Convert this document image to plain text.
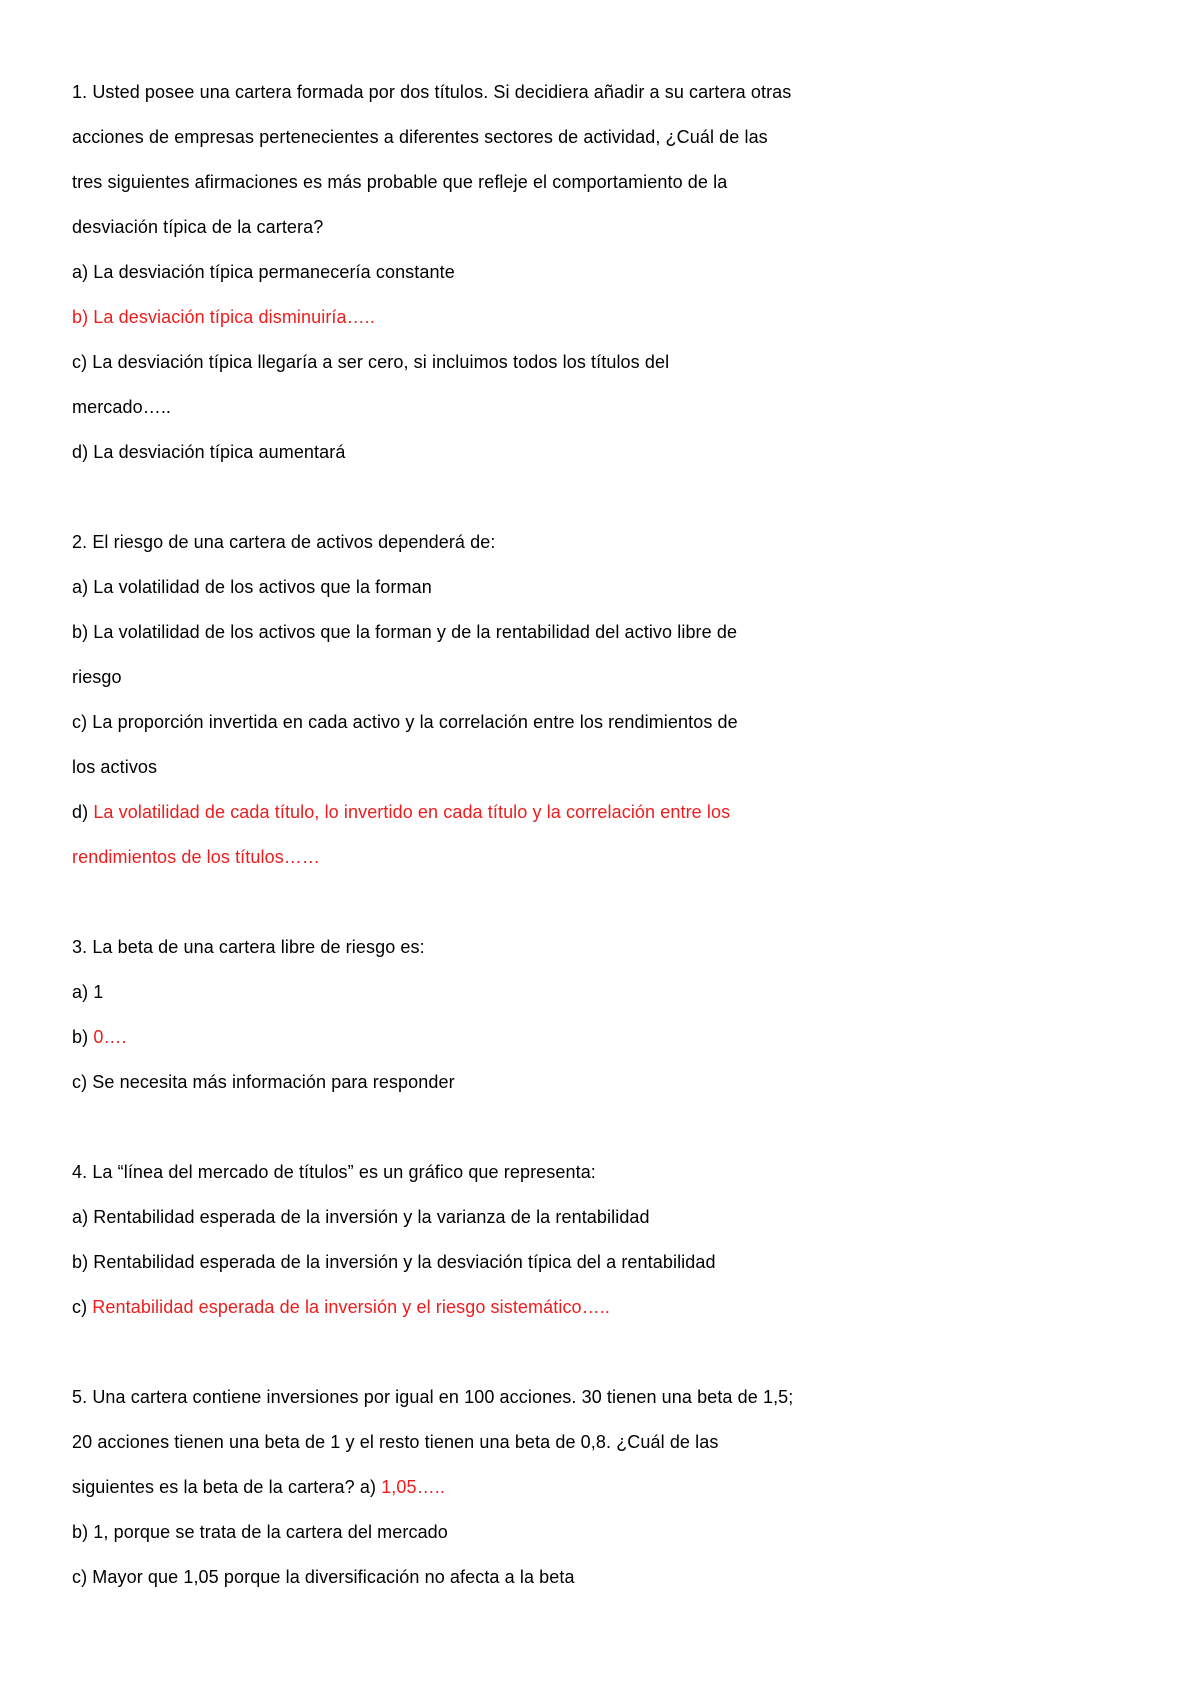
1. Usted posee una cartera formada por dos títulos. Si decidiera añadir a su cartera otras
acciones de empresas pertenecientes a diferentes sectores de actividad, ¿Cuál de las
tres siguientes afirmaciones es más probable que refleje el comportamiento de la
desviación típica de la cartera?
a) La desviación típica permanecería constante
b) La desviación típica disminuiría…..
c) La desviación típica llegaría a ser cero, si incluimos todos los títulos del
mercado…..
d) La desviación típica aumentará
2. El riesgo de una cartera de activos dependerá de:
a) La volatilidad de los activos que la forman
b) La volatilidad de los activos que la forman y de la rentabilidad del activo libre de
riesgo
c) La proporción invertida en cada activo y la correlación entre los rendimientos de
los activos
d) La volatilidad de cada título, lo invertido en cada título y la correlación entre los
rendimientos de los títulos……
3. La beta de una cartera libre de riesgo es:
a) 1
b) 0….
c) Se necesita más información para responder
4. La “línea del mercado de títulos” es un gráfico que representa:
a) Rentabilidad esperada de la inversión y la varianza de la rentabilidad
b) Rentabilidad esperada de la inversión y la desviación típica del a rentabilidad
c) Rentabilidad esperada de la inversión y el riesgo sistemático…..
5. Una cartera contiene inversiones por igual en 100 acciones. 30 tienen una beta de 1,5;
20 acciones tienen una beta de 1 y el resto tienen una beta de 0,8. ¿Cuál de las
siguientes es la beta de la cartera? a) 1,05…..
b) 1, porque se trata de la cartera del mercado
c) Mayor que 1,05 porque la diversificación no afecta a la beta
